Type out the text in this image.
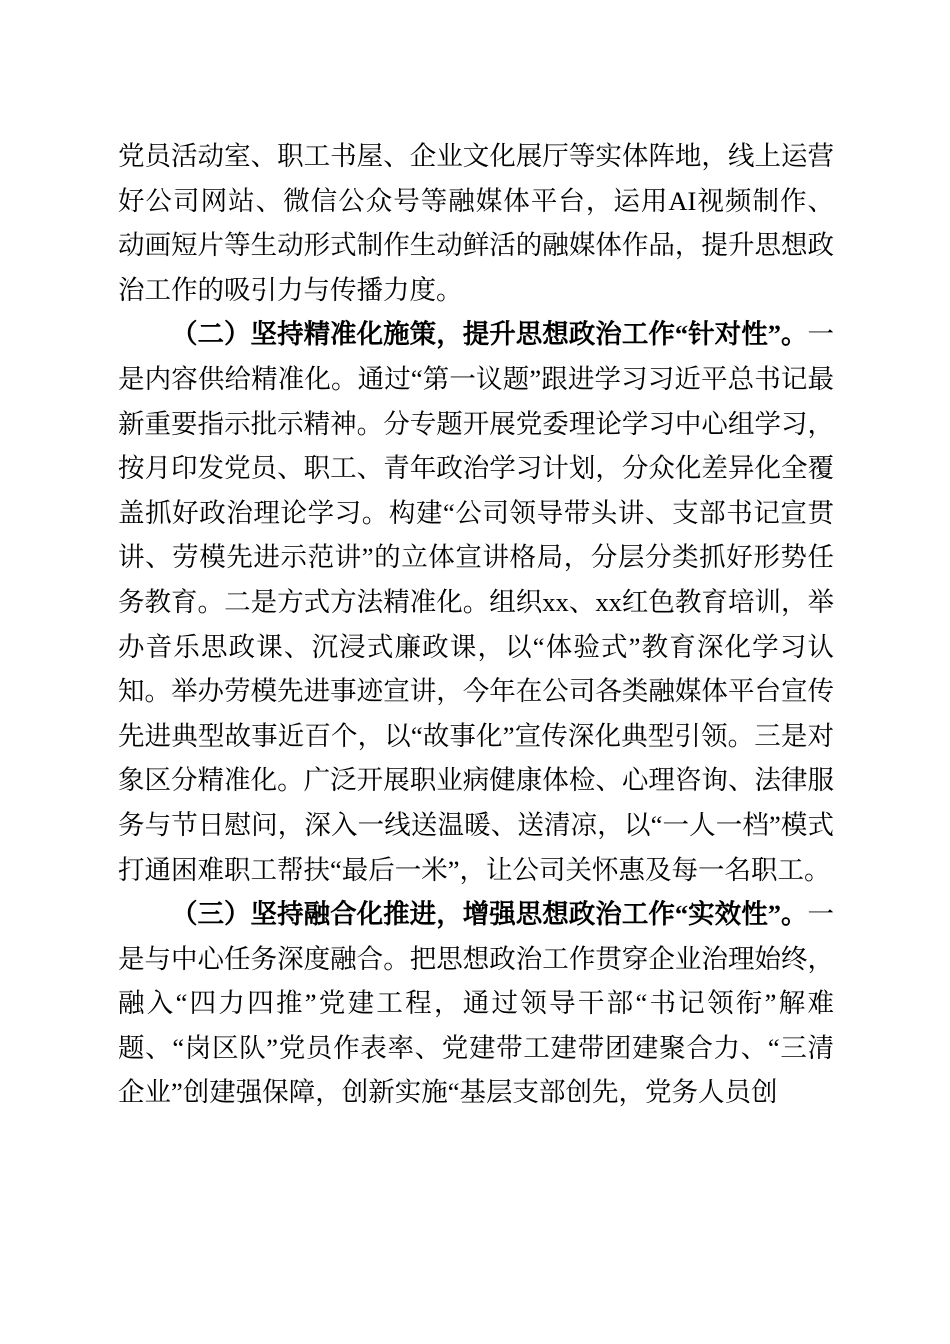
党员活动室、职工书屋、企业文化展厅等实体阵地，线上运营好公司网站、微信公众号等融媒体平台，运用AI视频制作、动画短片等生动形式制作生动鲜活的融媒体作品，提升思想政治工作的吸引力与传播力度。

（二）坚持精准化施策，提升思想政治工作“针对性”。一是内容供给精准化。通过“第一议题”跟进学习习近平总书记最新重要指示批示精神。分专题开展党委理论学习中心组学习，按月印发党员、职工、青年政治学习计划，分众化差异化全覆盖抓好政治理论学习。构建“公司领导带头讲、支部书记宣贯讲、劳模先进示范讲”的立体宣讲格局，分层分类抓好形势任务教育。二是方式方法精准化。组织xx、xx红色教育培训，举办音乐思政课、沉浸式廉政课，以“体验式”教育深化学习认知。举办劳模先进事迹宣讲，今年在公司各类融媒体平台宣传先进典型故事近百个，以“故事化”宣传深化典型引领。三是对象区分精准化。广泛开展职业病健康体检、心理咨询、法律服务与节日慰问，深入一线送温暖、送清凉，以“一人一档”模式打通困难职工帮扶“最后一米”，让公司关怀惠及每一名职工。

（三）坚持融合化推进，增强思想政治工作“实效性”。一是与中心任务深度融合。把思想政治工作贯穿企业治理始终，融入“四力四推”党建工程，通过领导干部“书记领衔”解难题、“岗区队”党员作表率、党建带工建带团建聚合力、“三清企业”创建强保障，创新实施“基层支部创先，党务人员创
